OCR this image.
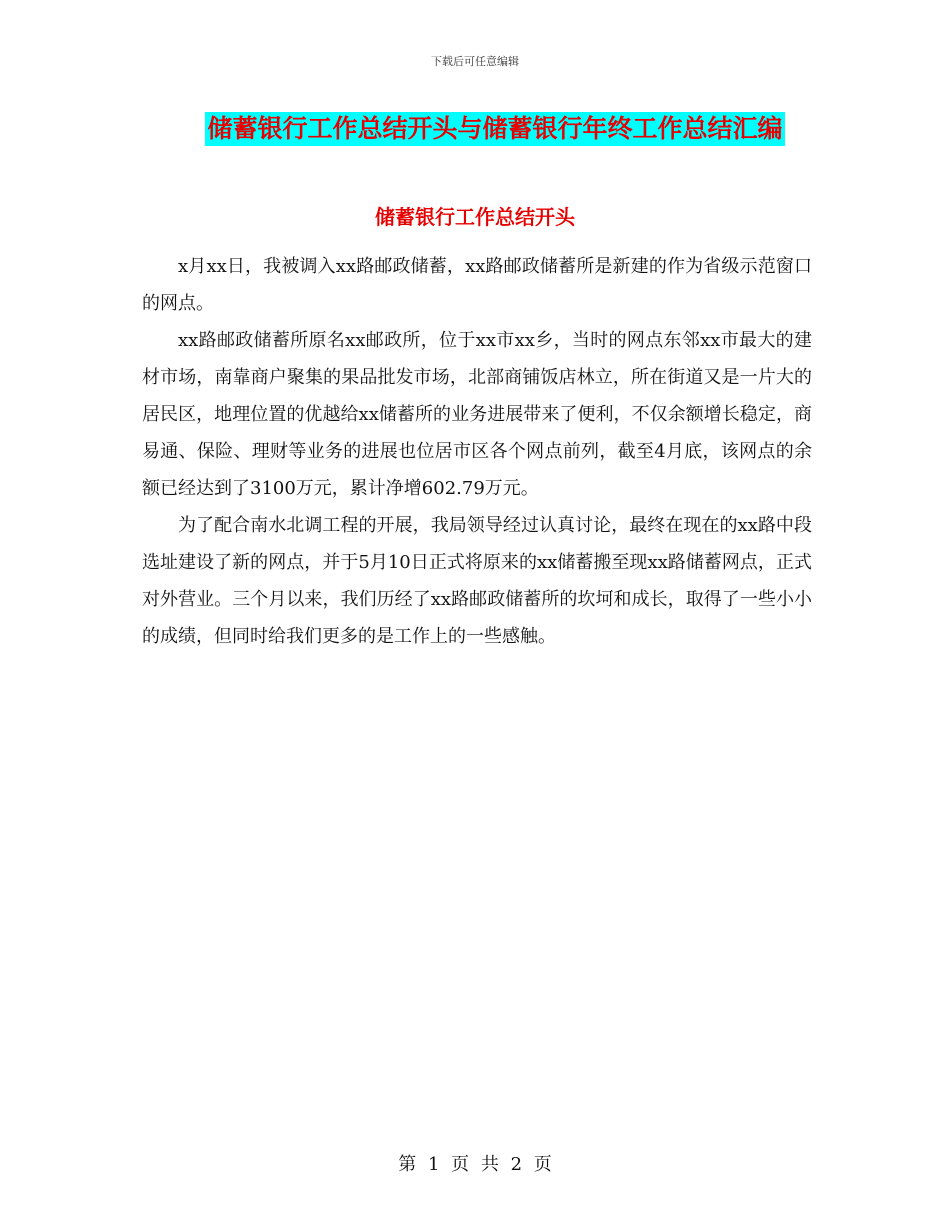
下载后可任意编辑
储蓄银行工作总结开头与储蓄银行年终工作总结汇编
储蓄银行工作总结开头

x月xx日，我被调入xx路邮政储蓄，xx路邮政储蓄所是新建的作为省级示范窗口的网点。

xx路邮政储蓄所原名xx邮政所，位于xx市xx乡，当时的网点东邻xx市最大的建材市场，南靠商户聚集的果品批发市场，北部商铺饭店林立，所在街道又是一片大的居民区，地理位置的优越给xx储蓄所的业务进展带来了便利，不仅余额增长稳定，商易通、保险、理财等业务的进展也位居市区各个网点前列，截至4月底，该网点的余额已经达到了3100万元，累计净增602.79万元。

为了配合南水北调工程的开展，我局领导经过认真讨论，最终在现在的xx路中段选址建设了新的网点，并于5月10日正式将原来的xx储蓄搬至现xx路储蓄网点，正式对外营业。三个月以来，我们历经了xx路邮政储蓄所的坎坷和成长，取得了一些小小的成绩，但同时给我们更多的是工作上的一些感触。

第 1 页 共 2 页
